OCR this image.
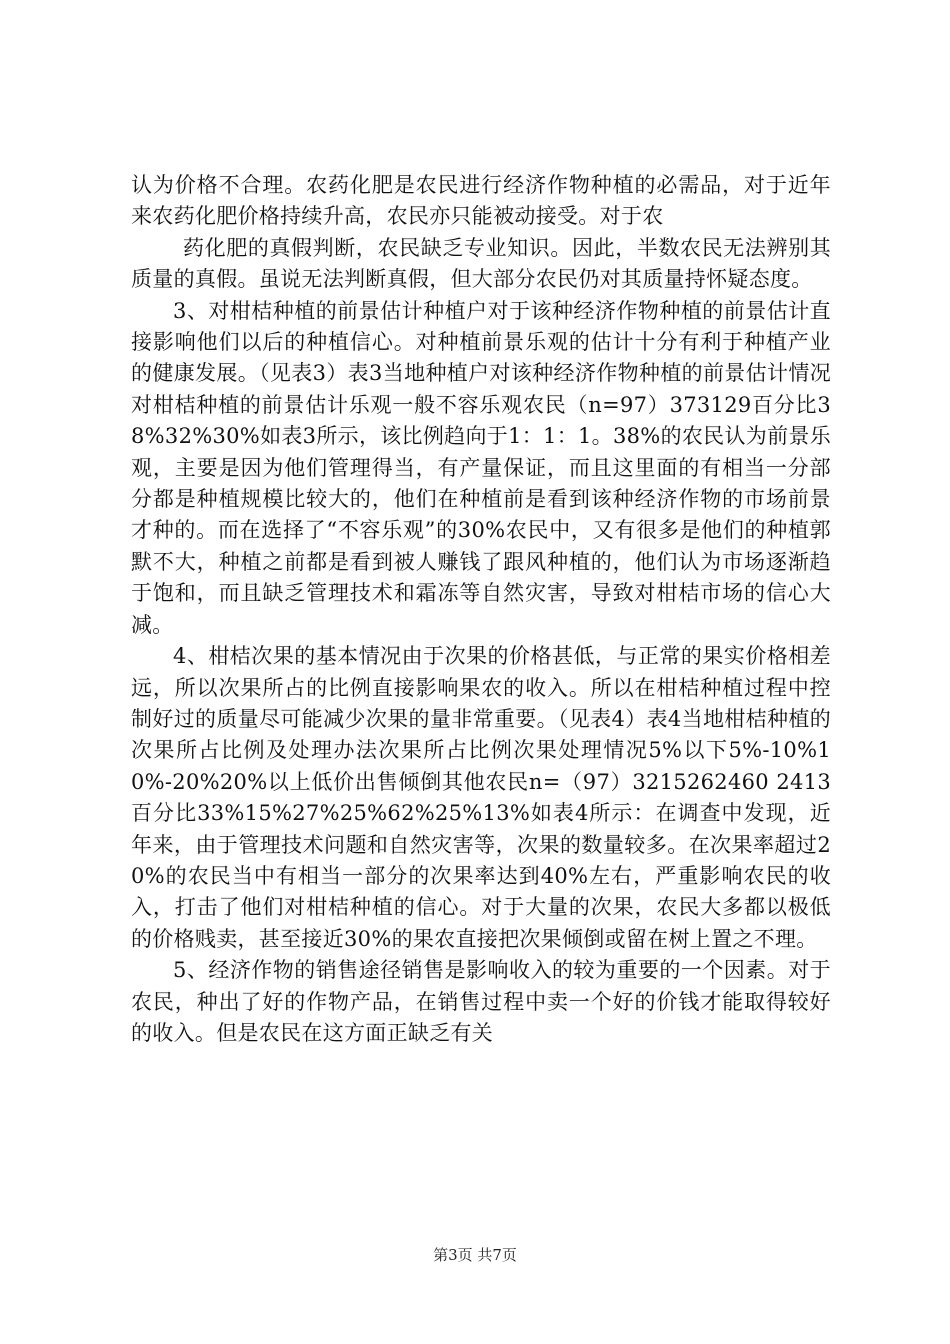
认为价格不合理。农药化肥是农民进行经济作物种植的必需品，对于近年来农药化肥价格持续升高，农民亦只能被动接受。对于农

药化肥的真假判断，农民缺乏专业知识。因此，半数农民无法辨别其质量的真假。虽说无法判断真假，但大部分农民仍对其质量持怀疑态度。

3、对柑桔种植的前景估计种植户对于该种经济作物种植的前景估计直接影响他们以后的种植信心。对种植前景乐观的估计十分有利于种植产业的健康发展。（见表3）表3当地种植户对该种经济作物种植的前景估计情况对柑桔种植的前景估计乐观一般不容乐观农民（n=97）373129百分比38%32%30%如表3所示，该比例趋向于1：1：1。38%的农民认为前景乐观，主要是因为他们管理得当，有产量保证，而且这里面的有相当一分部分都是种植规模比较大的，他们在种植前是看到该种经济作物的市场前景才种的。而在选择了“不容乐观”的30%农民中，又有很多是他们的种植郭默不大，种植之前都是看到被人赚钱了跟风种植的，他们认为市场逐渐趋于饱和，而且缺乏管理技术和霜冻等自然灾害，导致对柑桔市场的信心大减。

4、柑桔次果的基本情况由于次果的价格甚低，与正常的果实价格相差远，所以次果所占的比例直接影响果农的收入。所以在柑桔种植过程中控制好过的质量尽可能减少次果的量非常重要。（见表4）表4当地柑桔种植的次果所占比例及处理办法次果所占比例次果处理情况5%以下5%-10%10%-20%20%以上低价出售倾倒其他农民n=（97）3215262460 2413百分比33%15%27%25%62%25%13%如表4所示：在调查中发现，近年来，由于管理技术问题和自然灾害等，次果的数量较多。在次果率超过20%的农民当中有相当一部分的次果率达到40%左右，严重影响农民的收入，打击了他们对柑桔种植的信心。对于大量的次果，农民大多都以极低的价格贱卖，甚至接近30%的果农直接把次果倾倒或留在树上置之不理。

5、经济作物的销售途径销售是影响收入的较为重要的一个因素。对于农民，种出了好的作物产品，在销售过程中卖一个好的价钱才能取得较好的收入。但是农民在这方面正缺乏有关

第3页 共7页
